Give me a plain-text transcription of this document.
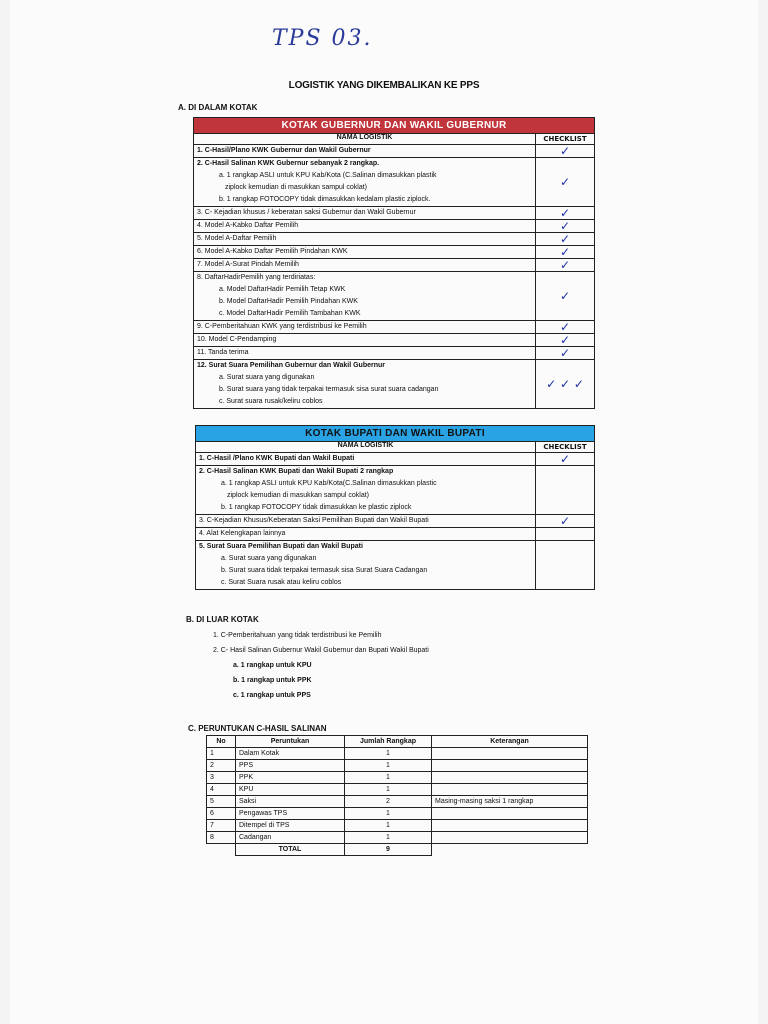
TPS 03.
LOGISTIK YANG DIKEMBALIKAN KE PPS
A. DI DALAM KOTAK
KOTAK GUBERNUR DAN WAKIL GUBERNUR	
NAMA LOGISTIK	CHECKLIST

1. C-Hasil/Plano KWK Gubernur dan Wakil Gubernur	✓

2. C-Hasil Salinan KWK Gubernur sebanyak 2 rangkap.
a. 1 rangkap ASLI untuk KPU Kab/Kota (C.Salinan dimasukkan plastik
ziplock kemudian di masukkan sampul coklat)
b. 1 rangkap FOTOCOPY tidak dimasukkan kedalam plastic ziplock.	✓

3. C- Kejadian khusus / keberatan saksi Gubernur dan Wakil Gubernur	✓

4. Model A-Kabko Daftar Pemilih	✓

5. Model A-Daftar Pemilih	✓

6. Model A-Kabko Daftar Pemilih Pindahan KWK	✓

7. Model A-Surat Pindah Memilih	✓

8. DaftarHadirPemilih yang terdiriatas:
a. Model DaftarHadir Pemilih Tetap KWK
b. Model DaftarHadir Pemilih Pindahan KWK
c. Model DaftarHadir Pemilih Tambahan KWK	✓

9. C-Pemberitahuan KWK yang terdistribusi ke Pemilih	✓

10. Model C-Pendamping	✓

11. Tanda terima	✓

12. Surat Suara Pemilihan Gubernur dan Wakil Gubernur
a. Surat suara yang digunakan
b. Surat suara yang tidak terpakai termasuk sisa surat suara cadangan
c. Surat suara rusak/keliru coblos	✓ ✓ ✓
KOTAK BUPATI DAN WAKIL BUPATI	
NAMA LOGISTIK	CHECKLIST

1. C-Hasil /Plano KWK Bupati dan Wakil Bupati	✓

2. C-Hasil Salinan KWK Bupati dan Wakil Bupati 2 rangkap
a. 1 rangkap ASLI untuk KPU Kab/Kota(C.Salinan dimasukkan plastic
ziplock kemudian di masukkan sampul coklat)
b. 1 rangkap FOTOCOPY tidak dimasukkan ke plastic ziplock	

3. C-Kejadian Khusus/Keberatan Saksi Pemilihan Bupati dan Wakil Bupati	✓

4. Alat Kelengkapan lainnya	

5. Surat Suara Pemilihan Bupati dan Wakil Bupati
a. Surat suara yang digunakan
b. Surat suara tidak terpakai termasuk sisa Surat Suara Cadangan
c. Surat Suara rusak atau keliru coblos	

B. DI LUAR KOTAK
1. C-Pemberitahuan yang tidak terdistribusi ke Pemilih
2. C- Hasil Salinan Gubernur Wakil Gubernur dan Bupati Wakil Bupati
a. 1 rangkap untuk KPU
b. 1 rangkap untuk PPK
c. 1 rangkap untuk PPS
C. PERUNTUKAN C-HASIL SALINAN
No	Peruntukan	Jumlah Rangkap	Keterangan
1	Dalam Kotak	1	
2	PPS	1	
3	PPK	1	
4	KPU	1	
5	Saksi	2	Masing-masing saksi 1 rangkap
6	Pengawas TPS	1	
7	Ditempel di TPS	1	
8	Cadangan	1	
	TOTAL	9	
